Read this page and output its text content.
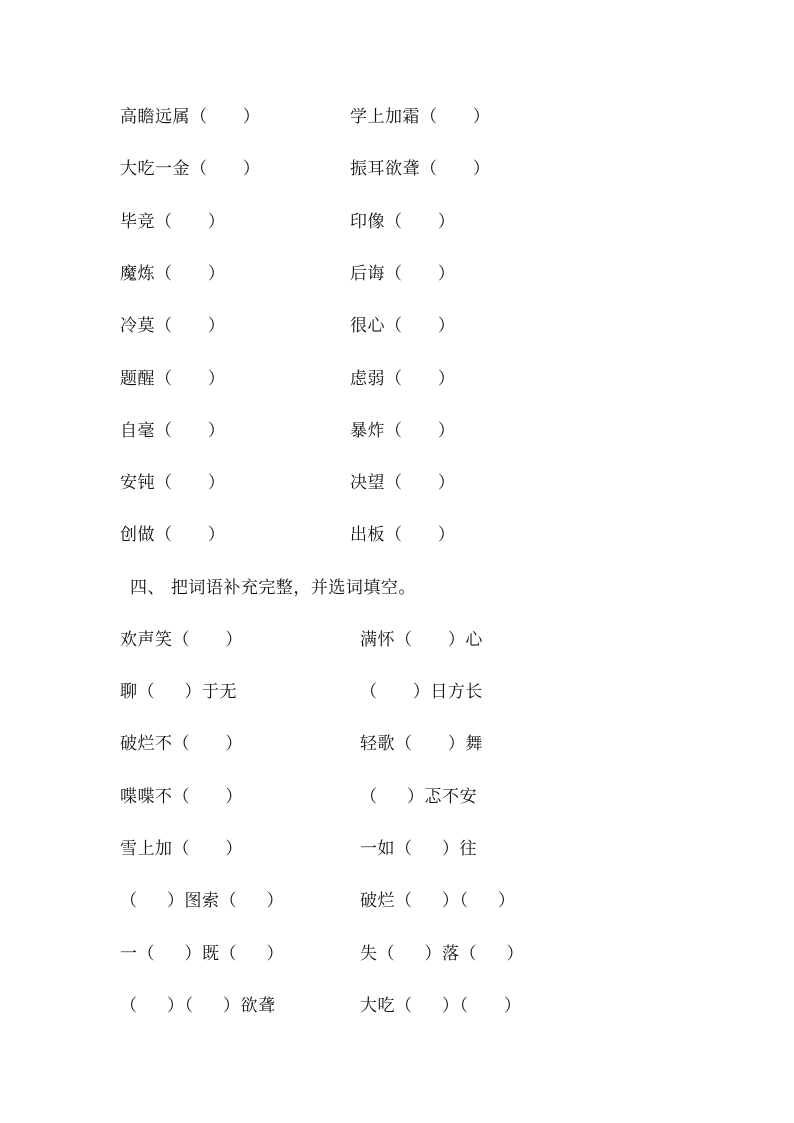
高瞻远属（      ）	学上加霜（      ）
大吃一金（      ）	振耳欲聋（      ）
毕竞（      ）	印像（      ）
魔炼（      ）	后诲（      ）
冷莫（      ）	很心（      ）
题醒（      ）	虑弱（      ）
自毫（      ）	暴炸（      ）
安钝（      ）	决望（      ）
创做（      ）	出板（      ）
四、 把词语补充完整，并选词填空。
欢声笑（      ）	满怀（      ）心
聊（     ）于无	（      ）日方长
破烂不（      ）	轻歌（      ）舞
喋喋不（      ）	（     ）忑不安
雪上加（      ）	一如（     ）往
（     ）图索（     ）	破烂（     ）（     ）
一（     ）既（     ）	失（     ）落（     ）
（     ）（     ）欲聋	大吃（     ）（      ）
